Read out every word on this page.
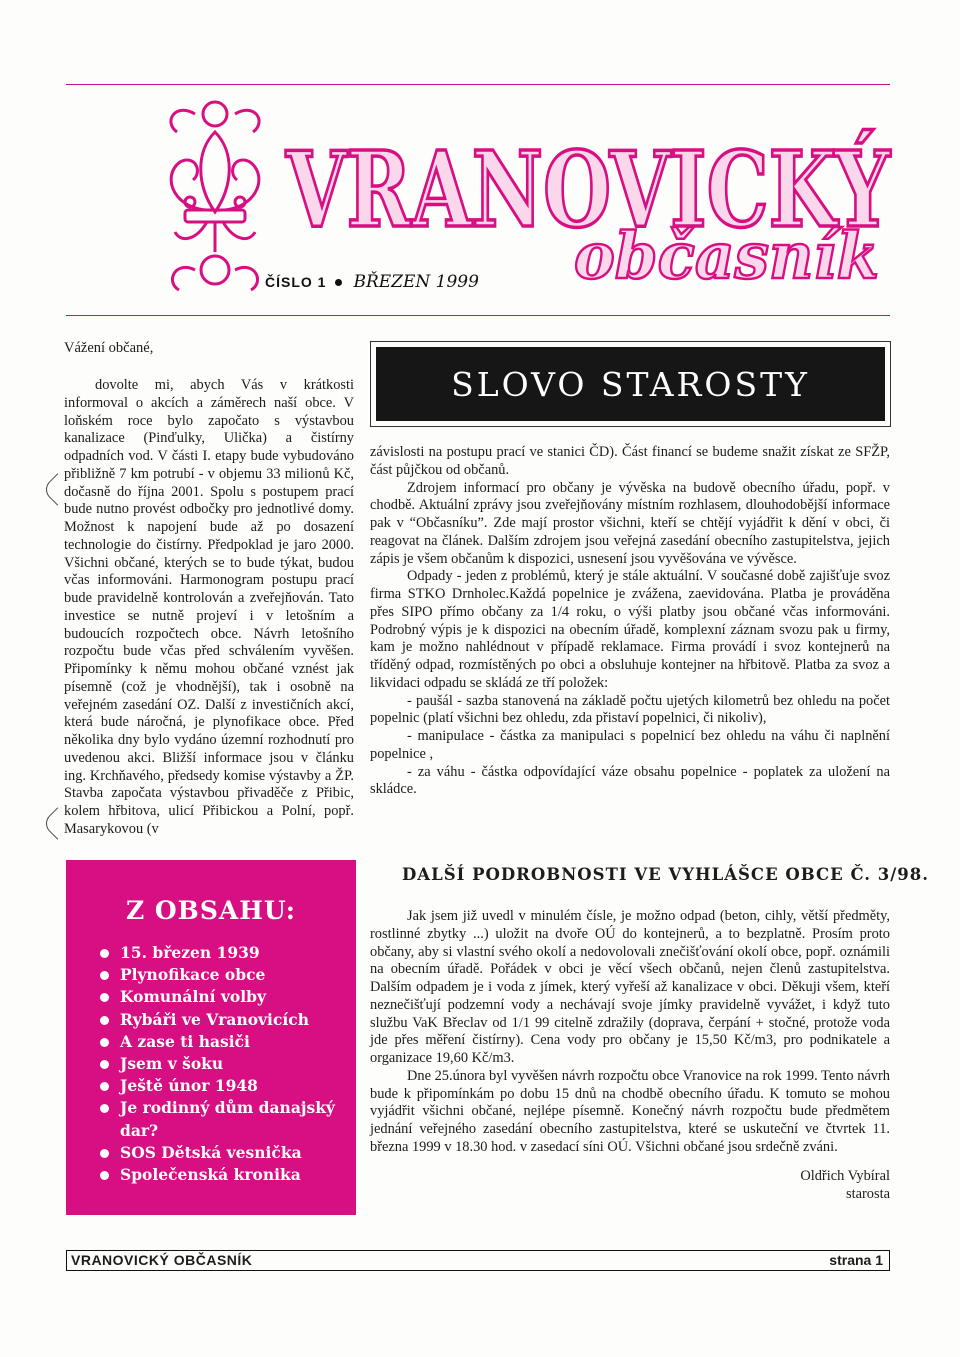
VRANOVICKÝ
občasník
ČÍSLO 1 BŘEZEN 1999
Vážení občané,
dovolte mi, abych Vás v krátkosti informoval o akcích a záměrech naší obce. V loňském roce bylo započato s výstavbou kanalizace (Pinďulky, Ulička) a čistírny odpadních vod. V části I. etapy bude vybudováno přibližně 7 km potrubí - v objemu 33 milionů Kč, dočasně do října 2001. Spolu s postupem prací bude nutno provést odbočky pro jednotlivé domy. Možnost k napojení bude až po dosazení technologie do čistírny. Předpoklad je jaro 2000. Všichni občané, kterých se to bude týkat, budou včas informováni. Harmonogram postupu prací bude pravidelně kontrolován a zveřejňován. Tato investice se nutně projeví i v letošním a budoucích rozpočtech obce. Návrh letošního rozpočtu bude včas před schválením vyvěšen. Připomínky k němu mohou občané vznést jak písemně (což je vhodnější), tak i osobně na veřejném zasedání OZ. Další z investičních akcí, která bude náročná, je plynofikace obce. Před několika dny bylo vydáno územní rozhodnutí pro uvedenou akci. Bližší informace jsou v článku ing. Krchňavého, předsedy komise výstavby a ŽP. Stavba započata výstavbou přivaděče z Přibic, kolem hřbitova, ulicí Přibickou a Polní, popř. Masarykovou (v
Z OBSAHU:
15. březen 1939
Plynofikace obce
Komunální volby
Rybáři ve Vranovicích
A zase ti hasiči
Jsem v šoku
Ještě únor 1948
Je rodinný dům danajský dar?
SOS Dětská vesnička
Společenská kronika
SLOVO STAROSTY

závislosti na postupu prací ve stanici ČD). Část financí se budeme snažit získat ze SFŽP, část půjčkou od občanů.

Zdrojem informací pro občany je vývěska na budově obecního úřadu, popř. v chodbě. Aktuální zprávy jsou zveřejňovány místním rozhlasem, dlouhodobější informace pak v “Občasníku”. Zde mají prostor všichni, kteří se chtějí vyjádřit k dění v obci, či reagovat na článek. Dalším zdrojem jsou veřejná zasedání obecního zastupitelstva, jejich zápis je všem občanům k dispozici, usnesení jsou vyvěšována ve vývěsce.

Odpady - jeden z problémů, který je stále aktuální. V současné době zajišťuje svoz firma STKO Drnholec.Každá popelnice je zvážena, zaevidována. Platba je prováděna přes SIPO přímo občany za 1/4 roku, o výši platby jsou občané včas informováni. Podrobný výpis je k dispozici na obecním úřadě, komplexní záznam svozu pak u firmy, kam je možno nahlédnout v případě reklamace. Firma provádí i svoz kontejnerů na tříděný odpad, rozmístěných po obci a obsluhuje kontejner na hřbitově. Platba za svoz a likvidaci odpadu se skládá ze tří položek:

- paušál - sazba stanovená na základě počtu ujetých kilometrů bez ohledu na počet popelnic (platí všichni bez ohledu, zda přistaví popelnici, či nikoliv),

- manipulace - částka za manipulaci s popelnicí bez ohledu na váhu či naplnění popelnice ,

- za váhu - částka odpovídající váze obsahu popelnice - poplatek za uložení na skládce.

DALŠÍ PODROBNOSTI VE VYHLÁŠCE OBCE Č. 3/98.

Jak jsem již uvedl v minulém čísle, je možno odpad (beton, cihly, větší předměty, rostlinné zbytky ...) uložit na dvoře OÚ do kontejnerů, a to bezplatně. Prosím proto občany, aby si vlastní svého okolí a nedovolovali znečišťování okolí obce, popř. oznámili na obecním úřadě. Pořádek v obci je věcí všech občanů, nejen členů zastupitelstva. Dalším odpadem je i voda z jímek, který vyřeší až kanalizace v obci. Děkuji všem, kteří neznečišťují podzemní vody a nechávají svoje jímky pravidelně vyvážet, i když tuto službu VaK Břeclav od 1/1 99 citelně zdražily (doprava, čerpání + stočné, protože voda jde přes měření čistírny). Cena vody pro občany je 15,50 Kč/m3, pro podnikatele a organizace 19,60 Kč/m3.

Dne 25.února byl vyvěšen návrh rozpočtu obce Vranovice na rok 1999. Tento návrh bude k připomínkám po dobu 15 dnů na chodbě obecního úřadu. K tomuto se mohou vyjádřit všichni občané, nejlépe písemně. Konečný návrh rozpočtu bude předmětem jednání veřejného zasedání obecního zastupitelstva, které se uskuteční ve čtvrtek 11. března 1999 v 18.30 hod. v zasedací síni OÚ. Všichni občané jsou srdečně zváni.

Oldřich Vybíral
starosta
VRANOVICKÝ OBČASNÍK	strana 1
